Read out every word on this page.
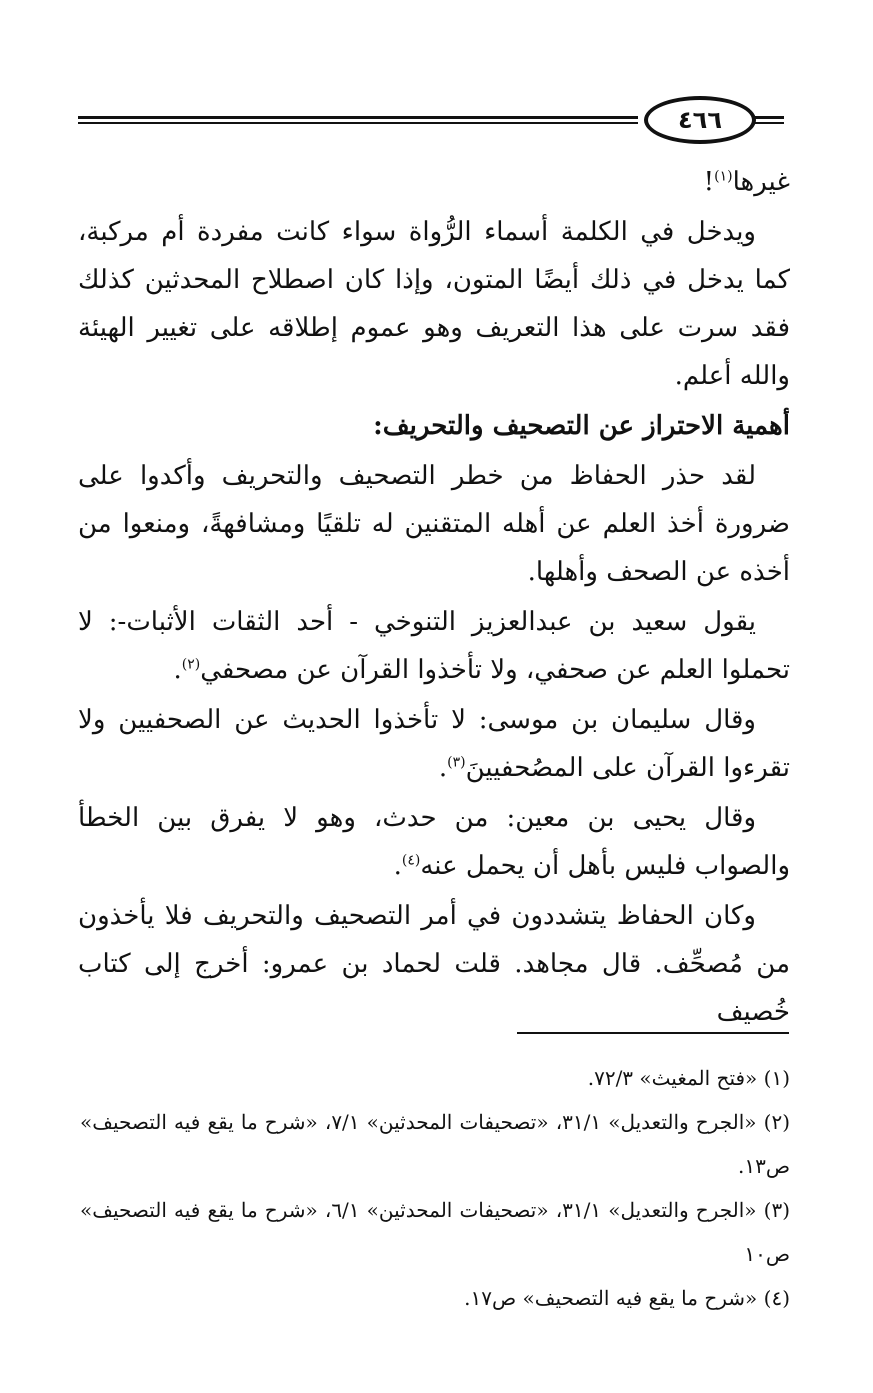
٤٦٦

غيرها$^{(١)}$!

ويدخل في الكلمة أسماء الرُّواة سواء كانت مفردة أم مركبة، كما يدخل في ذلك أيضًا المتون، وإذا كان اصطلاح المحدثين كذلك فقد سرت على هذا التعريف وهو عموم إطلاقه على تغيير الهيئة والله أعلم.

أهمية الاحتراز عن التصحيف والتحريف:

لقد حذر الحفاظ من خطر التصحيف والتحريف وأكدوا على ضرورة أخذ العلم عن أهله المتقنين له تلقيًا ومشافهةً، ومنعوا من أخذه عن الصحف وأهلها.

يقول سعيد بن عبدالعزيز التنوخي - أحد الثقات الأثبات-: لا تحملوا العلم عن صحفي، ولا تأخذوا القرآن عن مصحفي$^{(٢)}$.

وقال سليمان بن موسى: لا تأخذوا الحديث عن الصحفيين ولا تقرءوا القرآن على المصُحفيينَ$^{(٣)}$.

وقال يحيى بن معين: من حدث، وهو لا يفرق بين الخطأ والصواب فليس بأهل أن يحمل عنه$^{(٤)}$.

وكان الحفاظ يتشددون في أمر التصحيف والتحريف فلا يأخذون من مُصحِّف. قال مجاهد. قلت لحماد بن عمرو: أخرج إلى كتاب خُصيف

(١) «فتح المغيث» ٧٢/٣.

(٢) «الجرح والتعديل» ٣١/١، «تصحيفات المحدثين» ٧/١، «شرح ما يقع فيه التصحيف» ص١٣.

(٣) «الجرح والتعديل» ٣١/١، «تصحيفات المحدثين» ٦/١، «شرح ما يقع فيه التصحيف» ص١٠

(٤) «شرح ما يقع فيه التصحيف» ص١٧.
